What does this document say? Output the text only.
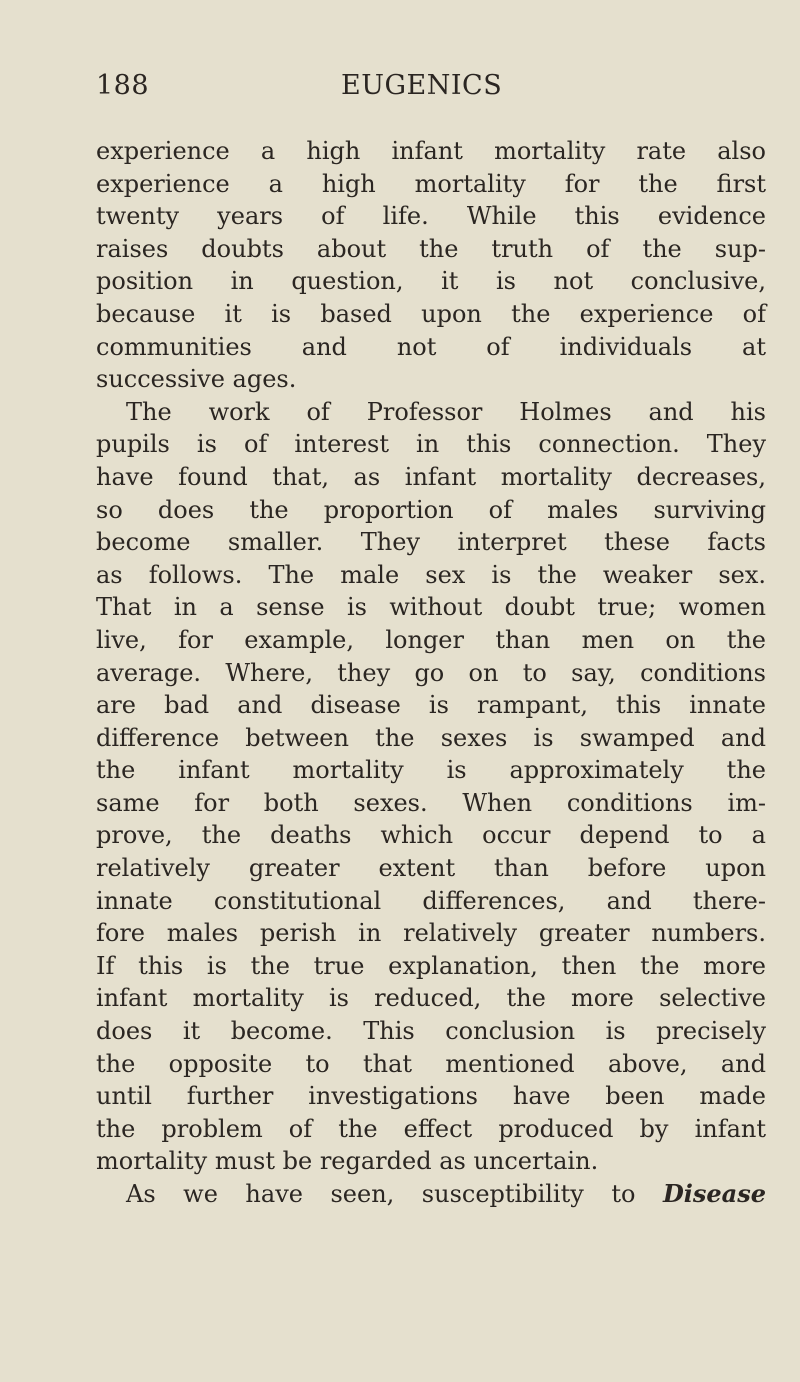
188	EUGENICS
experience a high infant mortality rate also
experience a high mortality for the first
twenty years of life. While this evidence
raises doubts about the truth of the sup-
position in question, it is not conclusive,
because it is based upon the experience of
communities and not of individuals at
successive ages.
The work of Professor Holmes and his
pupils is of interest in this connection. They
have found that, as infant mortality decreases,
so does the proportion of males surviving
become smaller. They interpret these facts
as follows. The male sex is the weaker sex.
That in a sense is without doubt true; women
live, for example, longer than men on the
average. Where, they go on to say, conditions
are bad and disease is rampant, this innate
difference between the sexes is swamped and
the infant mortality is approximately the
same for both sexes. When conditions im-
prove, the deaths which occur depend to a
relatively greater extent than before upon
innate constitutional differences, and there-
fore males perish in relatively greater numbers.
If this is the true explanation, then the more
infant mortality is reduced, the more selective
does it become. This conclusion is precisely
the opposite to that mentioned above, and
until further investigations have been made
the problem of the effect produced by infant
mortality must be regarded as uncertain.
As we have seen, susceptibility to Disease
